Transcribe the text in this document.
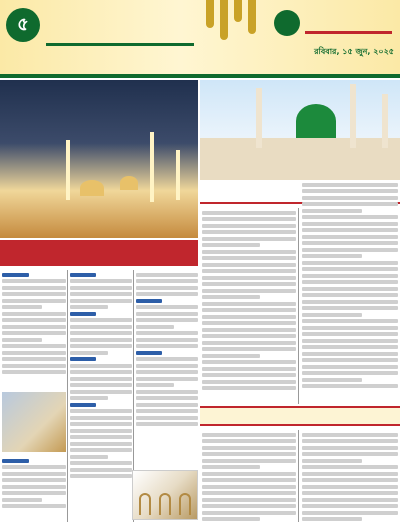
৫
রবিবার, ১৫ জুন, ২০২৫
